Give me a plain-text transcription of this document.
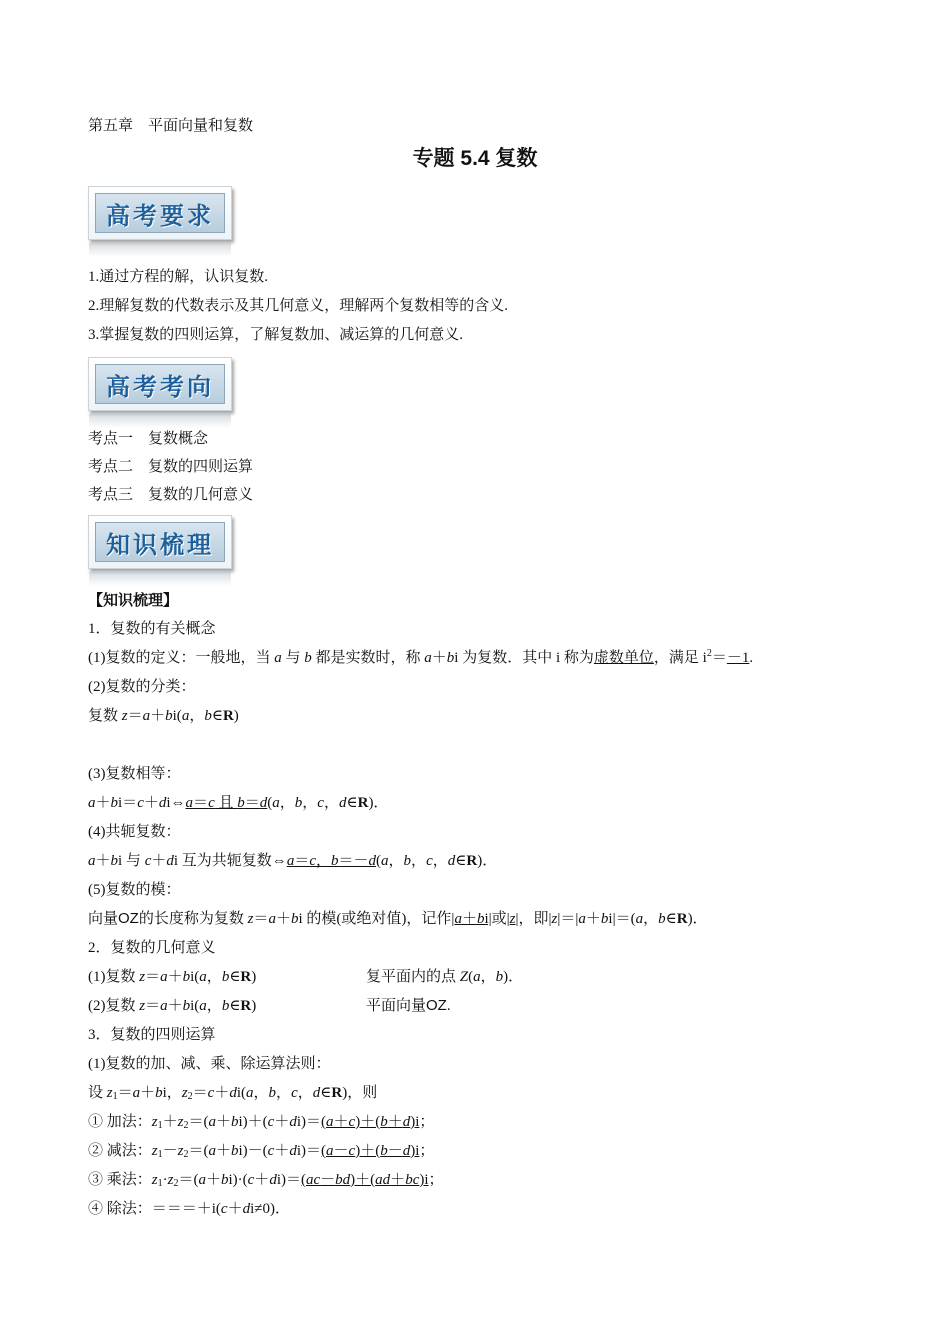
第五章　平面向量和复数
专题 5.4 复数
高考要求
1.通过方程的解，认识复数.
2.理解复数的代数表示及其几何意义，理解两个复数相等的含义.
3.掌握复数的四则运算，了解复数加、减运算的几何意义.
高考考向
考点一　复数概念
考点二　复数的四则运算
考点三　复数的几何意义
知识梳理
【知识梳理】
1．复数的有关概念
(1)复数的定义：一般地，当 a 与 b 都是实数时，称 a＋bi 为复数．其中 i 称为虚数单位，满足 $i^2=-1$.
(2)复数的分类：
复数 z＝a＋bi(a，b∈R)
(3)复数相等：
a＋bi＝c＋di⇔a＝c 且 b＝d(a，b，c，d∈R)．
(4)共轭复数：
a＋bi 与 c＋di 互为共轭复数⇔a＝c，b＝－d(a，b，c，d∈R)．
(5)复数的模：
向量OZ的长度称为复数 z＝a＋bi 的模(或绝对值)，记作|a＋bi|或|z|，即|z|＝|a＋bi|＝(a，b∈R)．
2．复数的几何意义
(1)复数 z＝a＋bi(a，b∈R)	复平面内的点 Z(a，b)．
(2)复数 z＝a＋bi(a，b∈R)	平面向量OZ.
3．复数的四则运算
(1)复数的加、减、乘、除运算法则：
设 $z_1=a+bi$，$z_2=c+di(a$，b，c，d∈R)，则
① 加法：$z_1+z_2=(a+bi)+(c+di)=(a+c)+(b+d)i$；
② 减法：$z_1-z_2=(a+bi)-(c+di)=(a-c)+(b-d)i$；
③ 乘法：$z_1\cdot z_2=(a+bi)\cdot(c+di)=(ac-bd)+(ad+bc)i$；
④ 除法：＝＝＝＋i(c＋di≠0)．
